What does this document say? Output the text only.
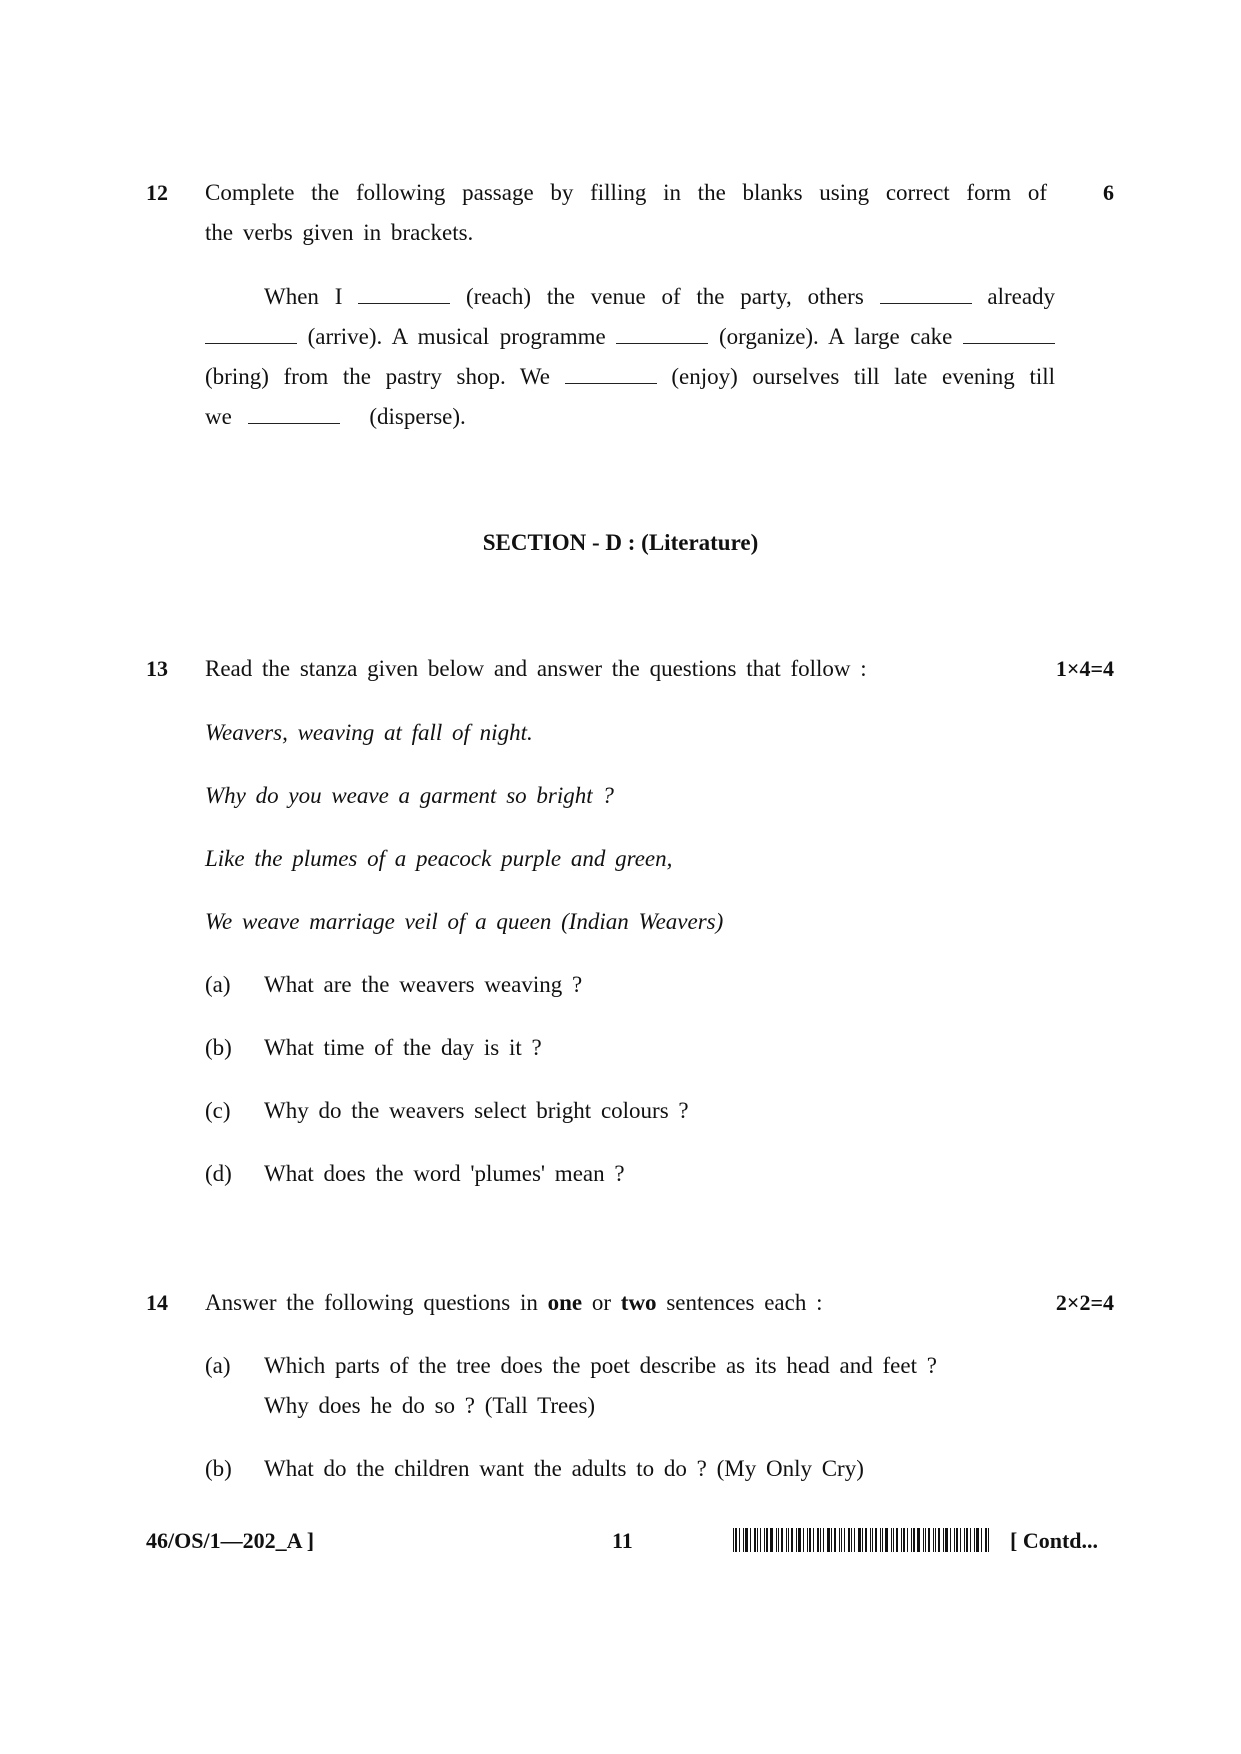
12 Complete the following passage by filling in the blanks using correct form of	6
the verbs given in brackets.
When I	(reach) the venue of the party, others	already
(arrive). A musical programme	(organize). A large cake
(bring) from the pastry shop. We	(enjoy) ourselves till late evening till
we	(disperse).
SECTION - D : (Literature)
13 Read the stanza given below and answer the questions that follow :	1×4=4
Weavers, weaving at fall of night.
Why do you weave a garment so bright ?
Like the plumes of a peacock purple and green,
We weave marriage veil of a queen (Indian Weavers)
(a) What are the weavers weaving ?
(b) What time of the day is it ?
(c) Why do the weavers select bright colours ?
(d) What does the word 'plumes' mean ?
14 Answer the following questions in one or two sentences each :	2×2=4
(a) Which parts of the tree does the poet describe as its head and feet ?
Why does he do so ? (Tall Trees)
(b) What do the children want the adults to do ? (My Only Cry)
46/OS/1—202_A ]	11	[ Contd...
